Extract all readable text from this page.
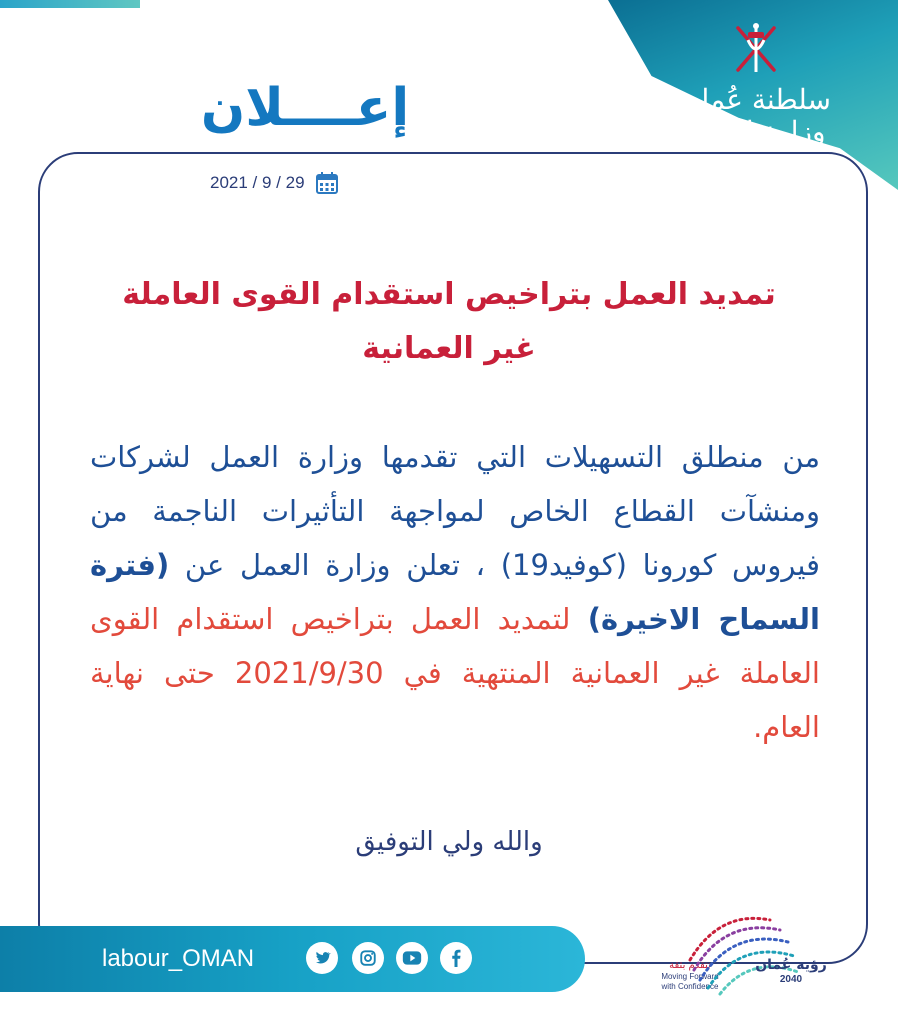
سلطنة عُمان
وزارة العمل
إعــــلان
2021 / 9 / 29
تمديد العمل بتراخيص استقدام القوى العاملة
غير العمانية
من منطلق التسهيلات التي تقدمها وزارة العمل لشركات ومنشآت القطاع الخاص لمواجهة التأثيرات الناجمة من فيروس كورونا (كوفيد19) ، تعلن وزارة العمل عن (فترة السماح الاخيرة) لتمديد العمل بتراخيص استقدام القوى العاملة غير العمانية المنتهية في 2021/9/30 حتى نهاية العام.
والله ولي التوفيق
labour_OMAN	نتقدم بثقة
Moving Forward
with Confidence
رؤية عُمان
2040
